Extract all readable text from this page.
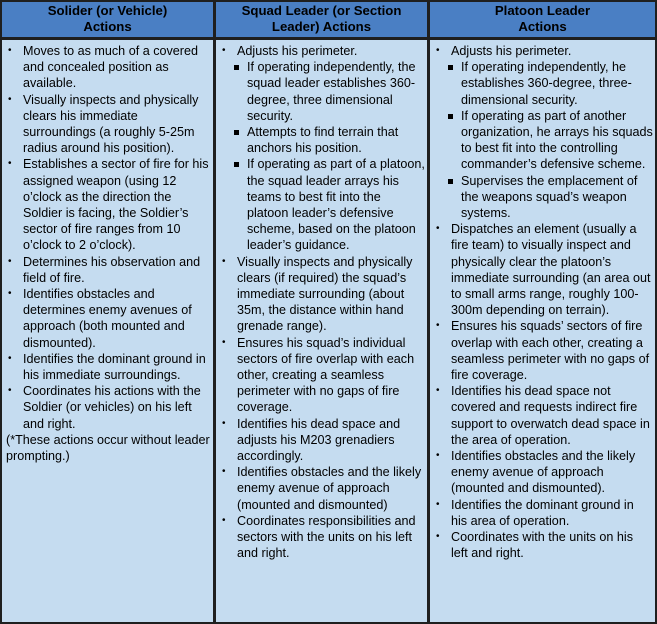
Solider (or Vehicle)
Actions
Squad Leader (or Section
Leader) Actions
Platoon Leader
Actions
• Moves to as much of a covered and concealed position as available.
• Visually inspects and physically clears his immediate surroundings (a roughly 5-25m radius around his position).
• Establishes a sector of fire for his assigned weapon (using 12 o’clock as the direction the Soldier is facing, the Soldier’s sector of fire ranges from 10 o’clock to 2 o’clock).
• Determines his observation and field of fire.
• Identifies obstacles and determines enemy avenues of approach (both mounted and dismounted).
• Identifies the dominant ground in his immediate surroundings.
• Coordinates his actions with the Soldier (or vehicles) on his left and right.
(*These actions occur without leader prompting.)
• Adjusts his perimeter.
If operating independently, the squad leader establishes 360-degree, three dimensional security.
Attempts to find terrain that anchors his position.
If operating as part of a platoon, the squad leader arrays his teams to best fit into the platoon leader’s defensive scheme, based on the platoon leader’s guidance.
• Visually inspects and physically clears (if required) the squad’s immediate surrounding (about 35m, the distance within hand grenade range).
• Ensures his squad’s individual sectors of fire overlap with each other, creating a seamless perimeter with no gaps of fire coverage.
• Identifies his dead space and adjusts his M203 grenadiers accordingly.
• Identifies obstacles and the likely enemy avenue of approach (mounted and dismounted)
• Coordinates responsibilities and sectors with the units on his left and right.
• Adjusts his perimeter.
If operating independently, he establishes 360-degree, three-dimensional security.
If operating as part of another organization, he arrays his squads to best fit into the controlling commander’s defensive scheme.
Supervises the emplacement of the weapons squad’s weapon systems.
• Dispatches an element (usually a fire team) to visually inspect and physically clear the platoon’s immediate surrounding (an area out to small arms range, roughly 100-300m depending on terrain).
• Ensures his squads’ sectors of fire overlap with each other, creating a seamless perimeter with no gaps of fire coverage.
• Identifies his dead space not covered and requests indirect fire support to overwatch dead space in the area of operation.
• Identifies obstacles and the likely enemy avenue of approach (mounted and dismounted).
• Identifies the dominant ground in his area of operation.
• Coordinates with the units on his left and right.
